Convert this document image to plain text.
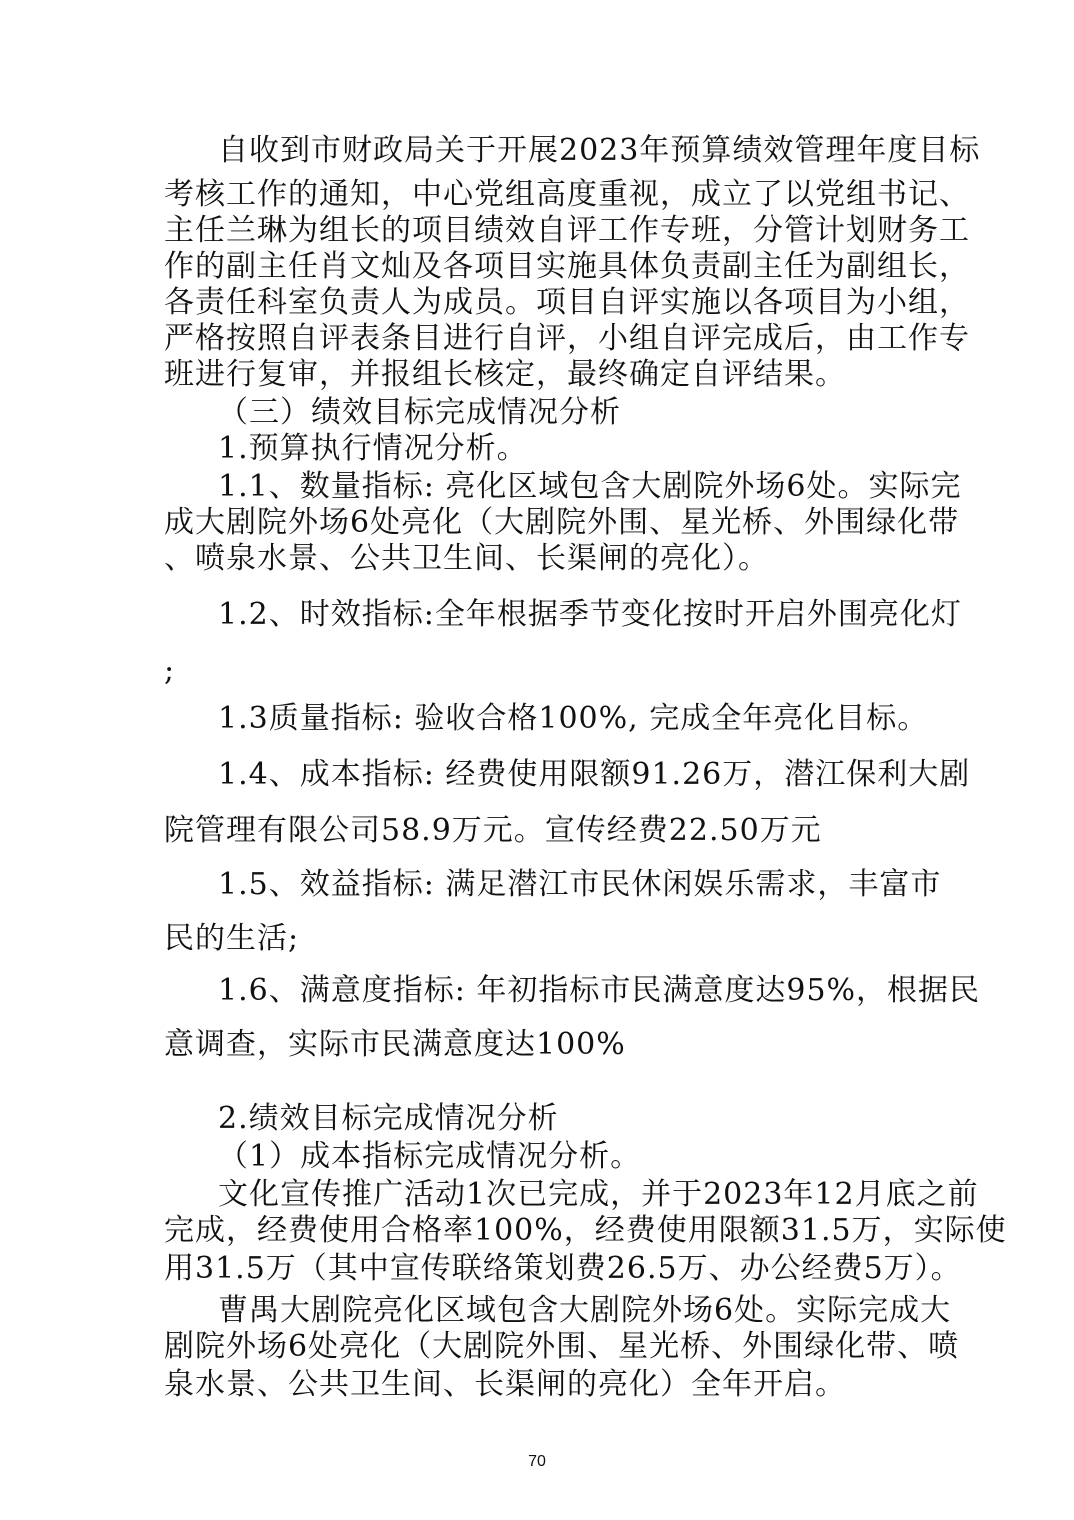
自收到市财政局关于开展2023年预算绩效管理年度目标
考核工作的通知，中心党组高度重视，成立了以党组书记、
主任兰琳为组长的项目绩效自评工作专班，分管计划财务工
作的副主任肖文灿及各项目实施具体负责副主任为副组长，
各责任科室负责人为成员。项目自评实施以各项目为小组，
严格按照自评表条目进行自评，小组自评完成后，由工作专
班进行复审，并报组长核定，最终确定自评结果。
（三）绩效目标完成情况分析
1.预算执行情况分析。
1.1、数量指标: 亮化区域包含大剧院外场6处。实际完
成大剧院外场6处亮化（大剧院外围、星光桥、外围绿化带
、喷泉水景、公共卫生间、长渠闸的亮化）。
1.2、时效指标:全年根据季节变化按时开启外围亮化灯
;
1.3质量指标: 验收合格100%, 完成全年亮化目标。
1.4、成本指标: 经费使用限额91.26万，潜江保利大剧
院管理有限公司58.9万元。宣传经费22.50万元
1.5、效益指标: 满足潜江市民休闲娱乐需求，丰富市
民的生活;
1.6、满意度指标: 年初指标市民满意度达95%，根据民
意调查，实际市民满意度达100%
2.绩效目标完成情况分析
（1）成本指标完成情况分析。
文化宣传推广活动1次已完成，并于2023年12月底之前
完成，经费使用合格率100%，经费使用限额31.5万，实际使
用31.5万（其中宣传联络策划费26.5万、办公经费5万）。
曹禺大剧院亮化区域包含大剧院外场6处。实际完成大
剧院外场6处亮化（大剧院外围、星光桥、外围绿化带、喷
泉水景、公共卫生间、长渠闸的亮化）全年开启。
70
